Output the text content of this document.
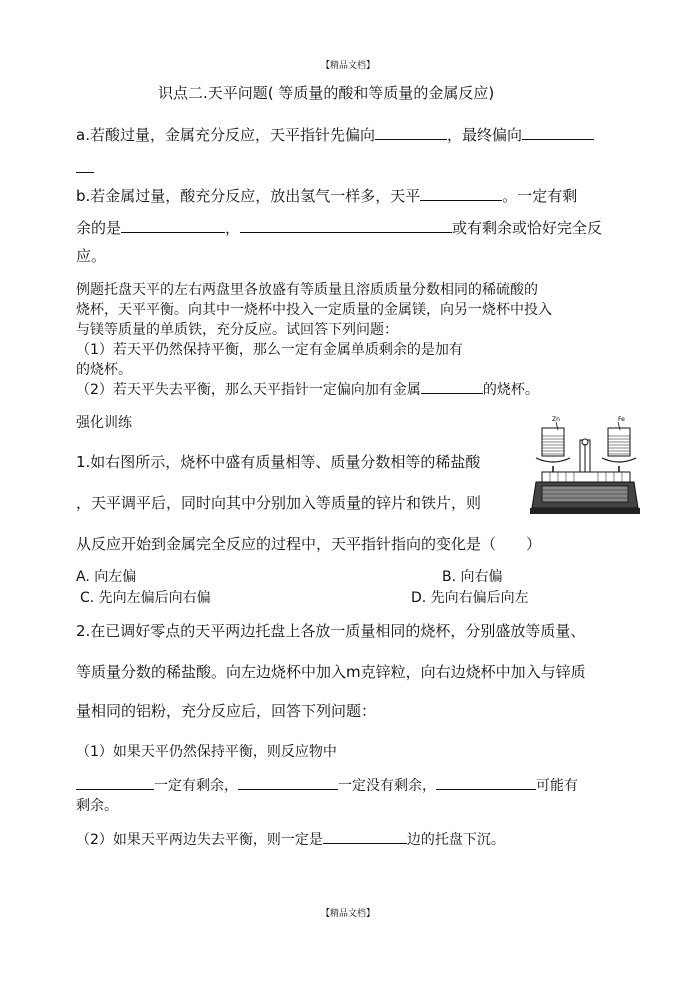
【精品文档】
【精品文档】
识点二.天平问题( 等质量的酸和等质量的金属反应)
a.若酸过量，金属充分反应，天平指针先偏向	，最终偏向
b.若金属过量，酸充分反应，放出氢气一样多，天平	。一定有剩
余的是	，	或有剩余或恰好完全反
应。
例题托盘天平的左右两盘里各放盛有等质量且溶质质量分数相同的稀硫酸的
烧杯，天平平衡。向其中一烧杯中投入一定质量的金属镁，向另一烧杯中投入
与镁等质量的单质铁，充分反应。试回答下列问题：
（1）若天平仍然保持平衡，那么一定有金属单质剩余的是加有
的烧杯。
（2）若天平失去平衡，那么天平指针一定偏向加有金属	的烧杯。
强化训练
1.如右图所示，烧杯中盛有质量相等、质量分数相等的稀盐酸
，天平调平后，同时向其中分别加入等质量的锌片和铁片，则
从反应开始到金属完全反应的过程中，天平指针指向的变化是（　　）
A. 向左偏	B. 向右偏
C. 先向左偏后向右偏	D. 先向右偏后向左
Zn	Fe
2.在已调好零点的天平两边托盘上各放一质量相同的烧杯，分别盛放等质量、
等质量分数的稀盐酸。向左边烧杯中加入m克锌粒，向右边烧杯中加入与锌质
量相同的铝粉，充分反应后，回答下列问题：
（1）如果天平仍然保持平衡，则反应物中
一定有剩余，	一定没有剩余，	可能有
剩余。
（2）如果天平两边失去平衡，则一定是	边的托盘下沉。
